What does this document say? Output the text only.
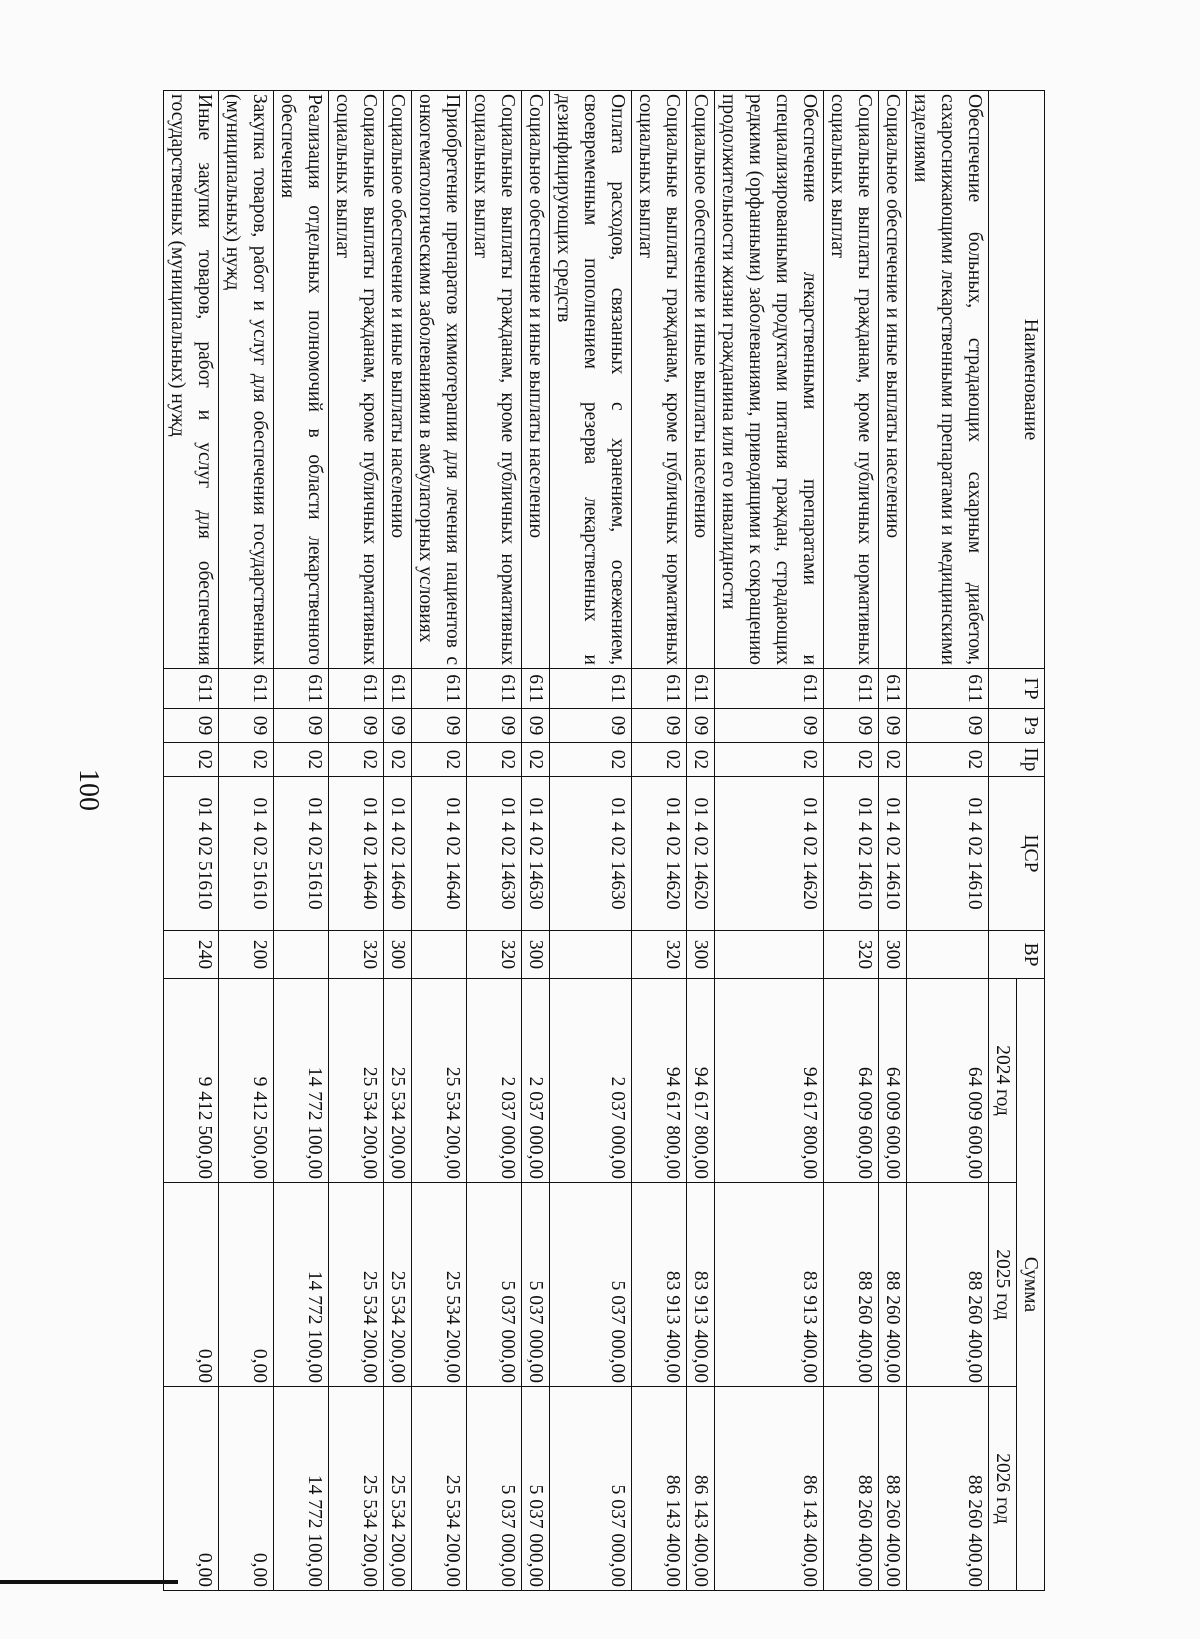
100
Наименование	ГР	Рз	Пр	ЦСР	ВР	Сумма		
						2024 год	2025 год	2026 год
Обеспечение больных, страдающих сахарным диабетом, сахароснижающими лекарственными препаратами и медицинскими изделиями	611	09	02	01 4 02 14610		64 009 600,00	88 260 400,00	88 260 400,00
Социальное обеспечение и иные выплаты населению	611	09	02	01 4 02 14610	300	64 009 600,00	88 260 400,00	88 260 400,00
Социальные выплаты гражданам, кроме публичных нормативных социальных выплат	611	09	02	01 4 02 14610	320	64 009 600,00	88 260 400,00	88 260 400,00
Обеспечение лекарственными препаратами и специализированными продуктами питания граждан, страдающих редкими (орфанными) заболеваниями, приводящими к сокращению продолжительности жизни гражданина или его инвалидности	611	09	02	01 4 02 14620		94 617 800,00	83 913 400,00	86 143 400,00
Социальное обеспечение и иные выплаты населению	611	09	02	01 4 02 14620	300	94 617 800,00	83 913 400,00	86 143 400,00
Социальные выплаты гражданам, кроме публичных нормативных социальных выплат	611	09	02	01 4 02 14620	320	94 617 800,00	83 913 400,00	86 143 400,00
Оплата расходов, связанных с хранением, освежением, своевременным пополнением резерва лекарственных и дезинфицирующих средств	611	09	02	01 4 02 14630		2 037 000,00	5 037 000,00	5 037 000,00
Социальное обеспечение и иные выплаты населению	611	09	02	01 4 02 14630	300	2 037 000,00	5 037 000,00	5 037 000,00
Социальные выплаты гражданам, кроме публичных нормативных социальных выплат	611	09	02	01 4 02 14630	320	2 037 000,00	5 037 000,00	5 037 000,00
Приобретение препаратов химиотерапии для лечения пациентов с онкогематологическими заболеваниями в амбулаторных условиях	611	09	02	01 4 02 14640		25 534 200,00	25 534 200,00	25 534 200,00
Социальное обеспечение и иные выплаты населению	611	09	02	01 4 02 14640	300	25 534 200,00	25 534 200,00	25 534 200,00
Социальные выплаты гражданам, кроме публичных нормативных социальных выплат	611	09	02	01 4 02 14640	320	25 534 200,00	25 534 200,00	25 534 200,00
Реализация отдельных полномочий в области лекарственного обеспечения	611	09	02	01 4 02 51610		14 772 100,00	14 772 100,00	14 772 100,00
Закупка товаров, работ и услуг для обеспечения государственных (муниципальных) нужд	611	09	02	01 4 02 51610	200	9 412 500,00	0,00	0,00
Иные закупки товаров, работ и услуг для обеспечения государственных (муниципальных) нужд	611	09	02	01 4 02 51610	240	9 412 500,00	0,00	0,00
